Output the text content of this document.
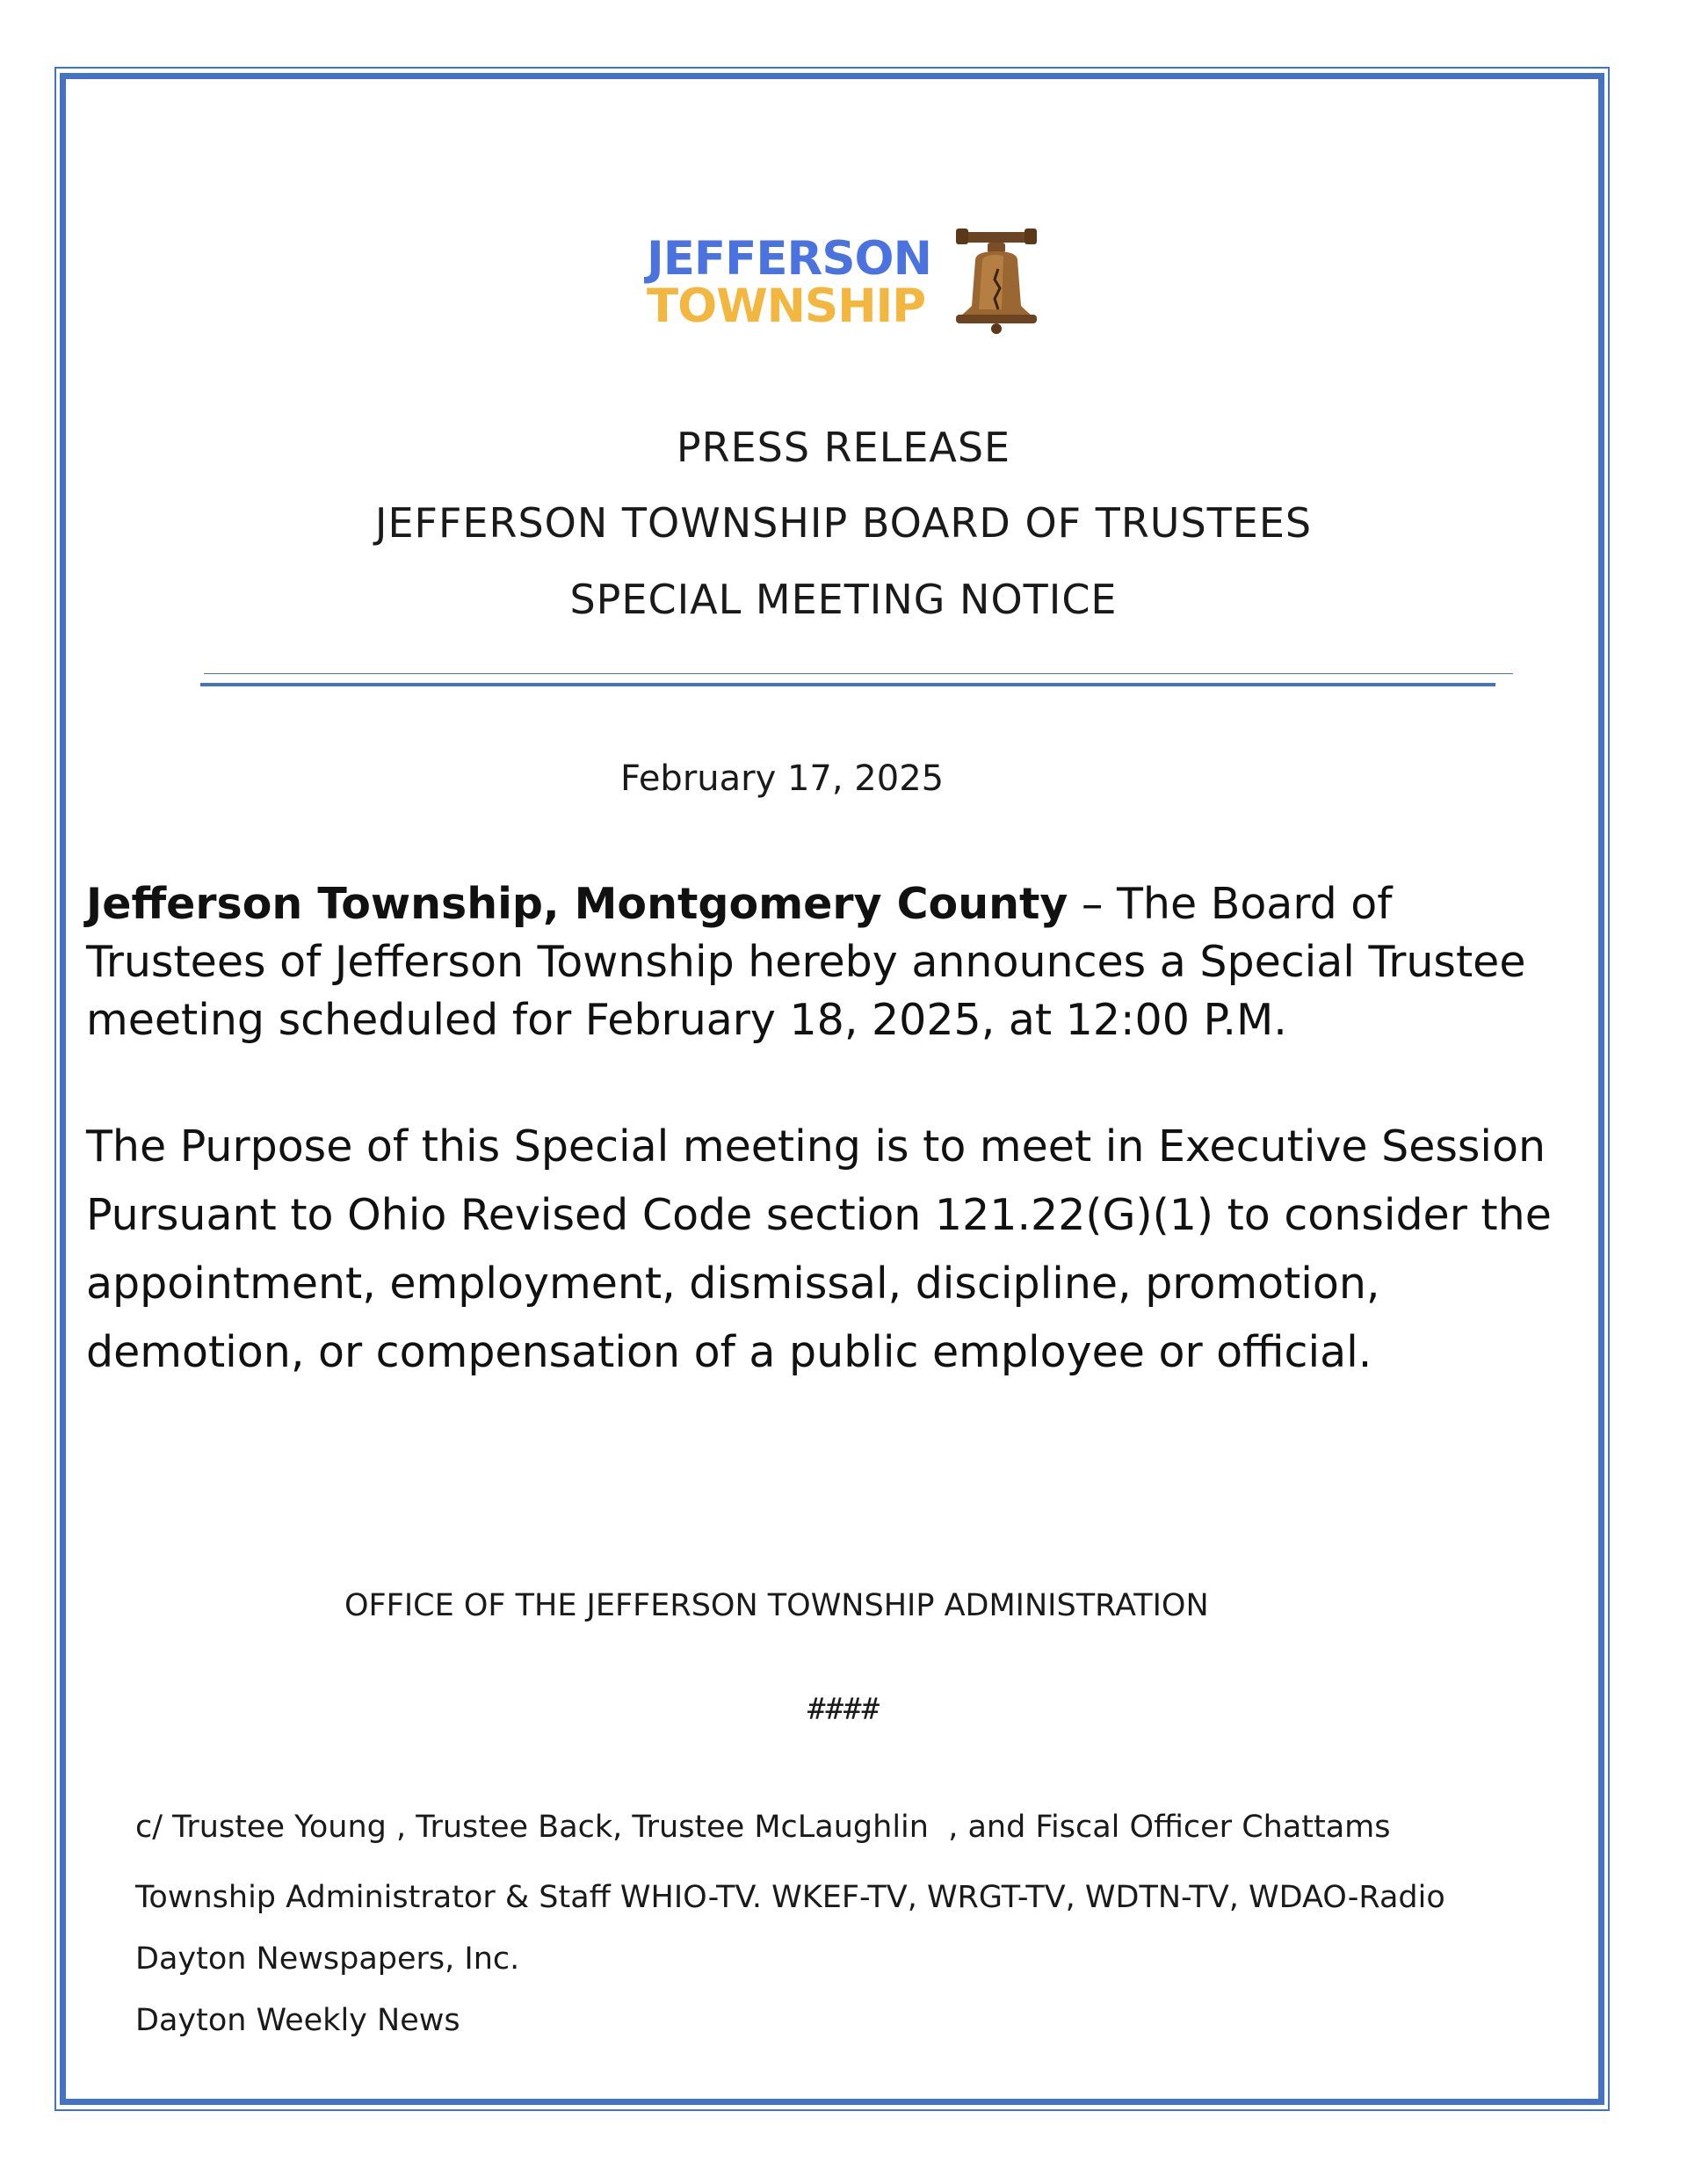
JEFFERSON
TOWNSHIP
PRESS RELEASE
JEFFERSON TOWNSHIP BOARD OF TRUSTEES
SPECIAL MEETING NOTICE
February 17, 2025
Jefferson Township, Montgomery County – The Board of Trustees of Jefferson Township hereby announces a Special Trustee meeting scheduled for February 18, 2025, at 12:00 P.M.
The Purpose of this Special meeting is to meet in Executive Session Pursuant to Ohio Revised Code section 121.22(G)(1) to consider the appointment, employment, dismissal, discipline, promotion, demotion, or compensation of a public employee or official.
OFFICE OF THE JEFFERSON TOWNSHIP ADMINISTRATION
####
c/ Trustee Young , Trustee Back, Trustee McLaughlin  , and Fiscal Officer Chattams
Township Administrator & Staff WHIO-TV. WKEF-TV, WRGT-TV, WDTN-TV, WDAO-Radio
Dayton Newspapers, Inc.
Dayton Weekly News
